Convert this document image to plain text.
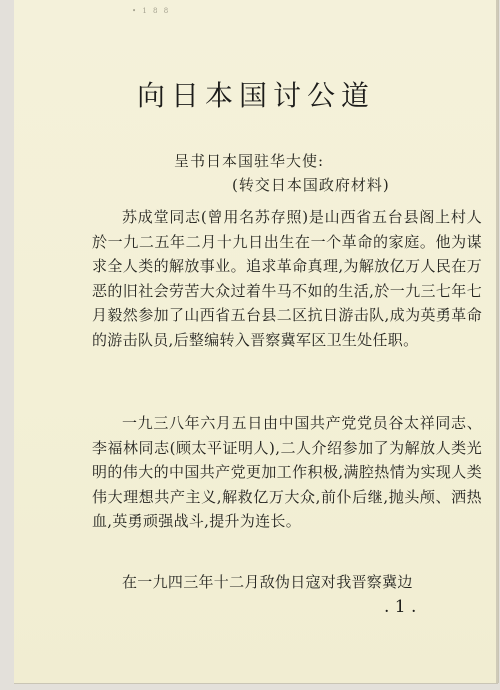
• 1 8 8
向日本国讨公道
呈书日本国驻华大使:
(转交日本国政府材料)
苏成堂同志(曾用名苏存照)是山西省五台县阁上村人於一九二五年二月十九日出生在一个革命的家庭。他为谋求全人类的解放事业。追求革命真理,为解放亿万人民在万恶的旧社会劳苦大众过着牛马不如的生活,於一九三七年七月毅然参加了山西省五台县二区抗日游击队,成为英勇革命的游击队员,后整编转入晋察冀军区卫生处任职。
一九三八年六月五日由中国共产党党员谷太祥同志、李福林同志(顾太平证明人),二人介绍参加了为解放人类光明的伟大的中国共产党更加工作积极,满腔热情为实现人类伟大理想共产主义,解救亿万大众,前仆后继,抛头颅、洒热血,英勇顽强战斗,提升为连长。
在一九四三年十二月敌伪日寇对我晋察冀边
. 1 .
